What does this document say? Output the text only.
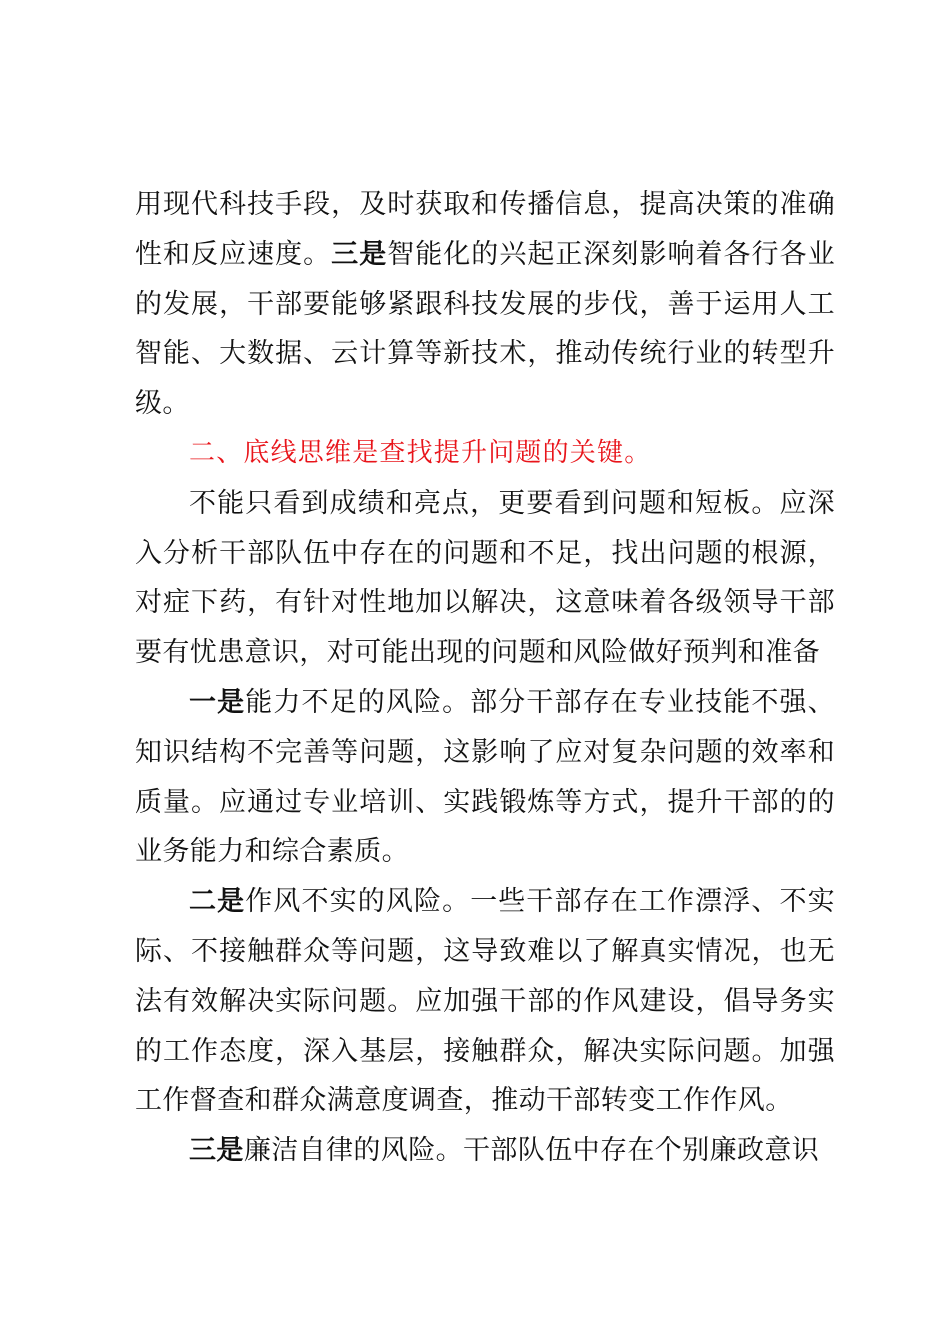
用现代科技手段，及时获取和传播信息，提高决策的准确性和反应速度。三是智能化的兴起正深刻影响着各行各业的发展，干部要能够紧跟科技发展的步伐，善于运用人工智能、大数据、云计算等新技术，推动传统行业的转型升级。

二、底线思维是查找提升问题的关键。

不能只看到成绩和亮点，更要看到问题和短板。应深入分析干部队伍中存在的问题和不足，找出问题的根源，对症下药，有针对性地加以解决，这意味着各级领导干部要有忧患意识，对可能出现的问题和风险做好预判和准备

一是能力不足的风险。部分干部存在专业技能不强、知识结构不完善等问题，这影响了应对复杂问题的效率和质量。应通过专业培训、实践锻炼等方式，提升干部的的业务能力和综合素质。

二是作风不实的风险。一些干部存在工作漂浮、不实际、不接触群众等问题，这导致难以了解真实情况，也无法有效解决实际问题。应加强干部的作风建设，倡导务实的工作态度，深入基层，接触群众，解决实际问题。加强工作督查和群众满意度调查，推动干部转变工作作风。

三是廉洁自律的风险。干部队伍中存在个别廉政意识
